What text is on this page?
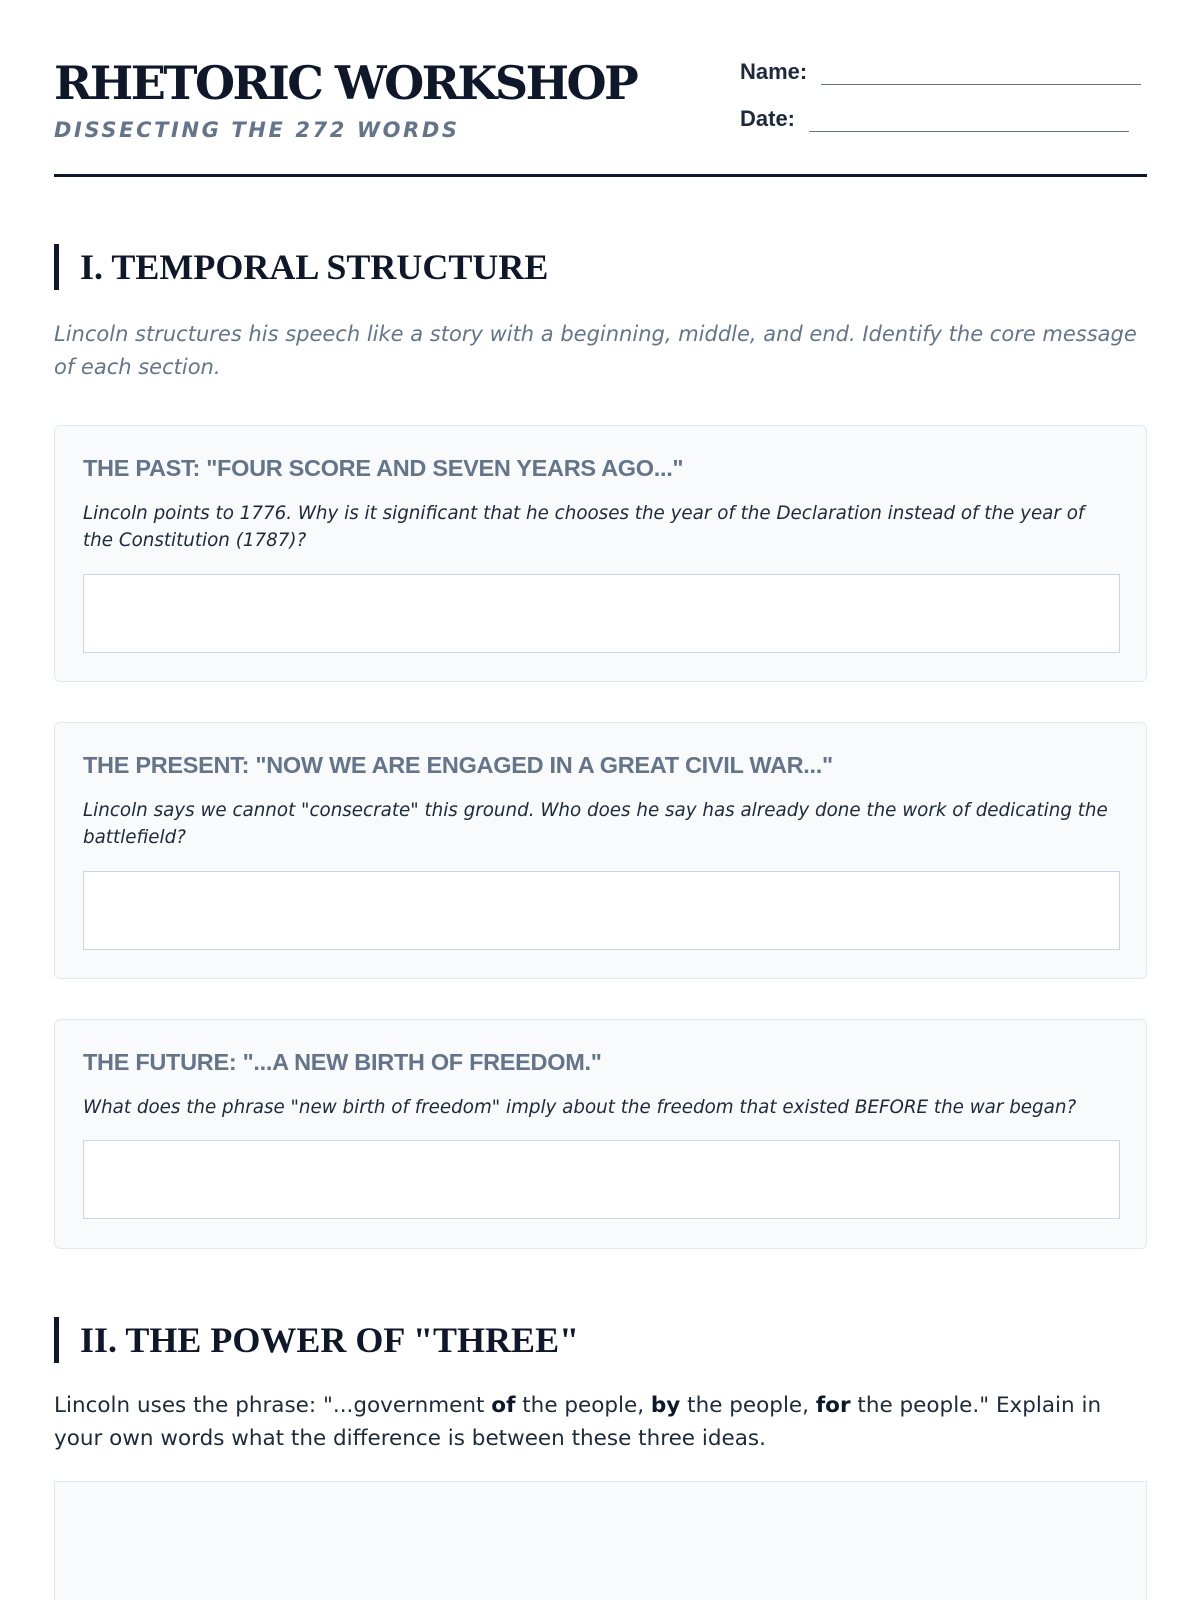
RHETORIC WORKSHOP
DISSECTING THE 272 WORDS
Name:
Date:
I. TEMPORAL STRUCTURE
Lincoln structures his speech like a story with a beginning, middle, and end. Identify the core message of each section.
THE PAST: "FOUR SCORE AND SEVEN YEARS AGO..."
Lincoln points to 1776. Why is it significant that he chooses the year of the Declaration instead of the year of the Constitution (1787)?
THE PRESENT: "NOW WE ARE ENGAGED IN A GREAT CIVIL WAR..."
Lincoln says we cannot "consecrate" this ground. Who does he say has already done the work of dedicating the battlefield?
THE FUTURE: "...A NEW BIRTH OF FREEDOM."
What does the phrase "new birth of freedom" imply about the freedom that existed BEFORE the war began?
II. THE POWER OF "THREE"
Lincoln uses the phrase: "...government of the people, by the people, for the people." Explain in your own words what the difference is between these three ideas.
